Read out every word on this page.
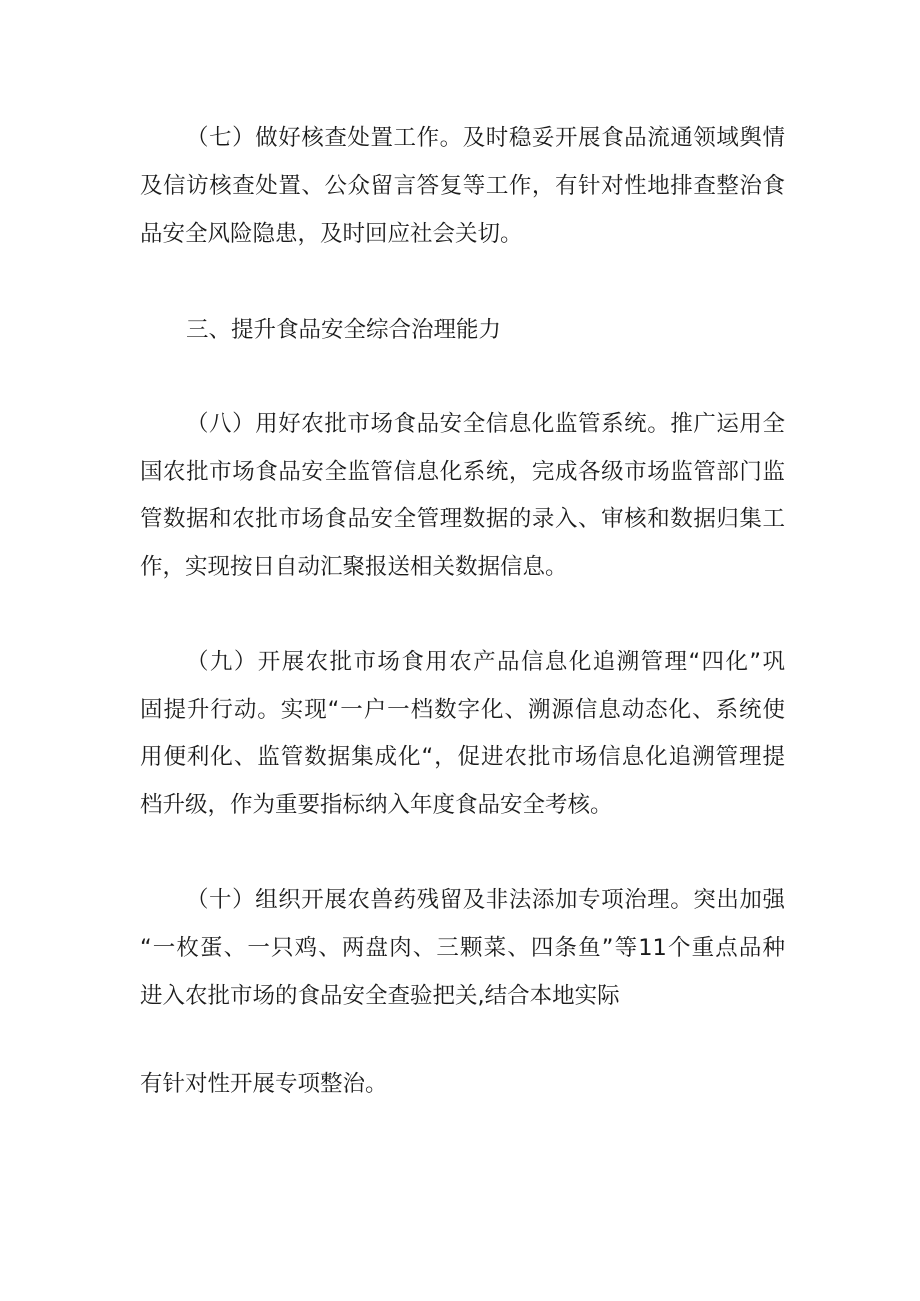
（七）做好核查处置工作。及时稳妥开展食品流通领域舆情
及信访核查处置、公众留言答复等工作，有针对性地排查整治食
品安全风险隐患，及时回应社会关切。
三、提升食品安全综合治理能力
（八）用好农批市场食品安全信息化监管系统。推广运用全
国农批市场食品安全监管信息化系统，完成各级市场监管部门监
管数据和农批市场食品安全管理数据的录入、审核和数据归集工
作，实现按日自动汇聚报送相关数据信息。
（九）开展农批市场食用农产品信息化追溯管理“四化”巩
固提升行动。实现“一户一档数字化、溯源信息动态化、系统使
用便利化、监管数据集成化“，促进农批市场信息化追溯管理提
档升级，作为重要指标纳入年度食品安全考核。
（十）组织开展农兽药残留及非法添加专项治理。突出加强
“一枚蛋、一只鸡、两盘肉、三颗菜、四条鱼”等11个重点品种
进入农批市场的食品安全查验把关,结合本地实际
有针对性开展专项整治。
